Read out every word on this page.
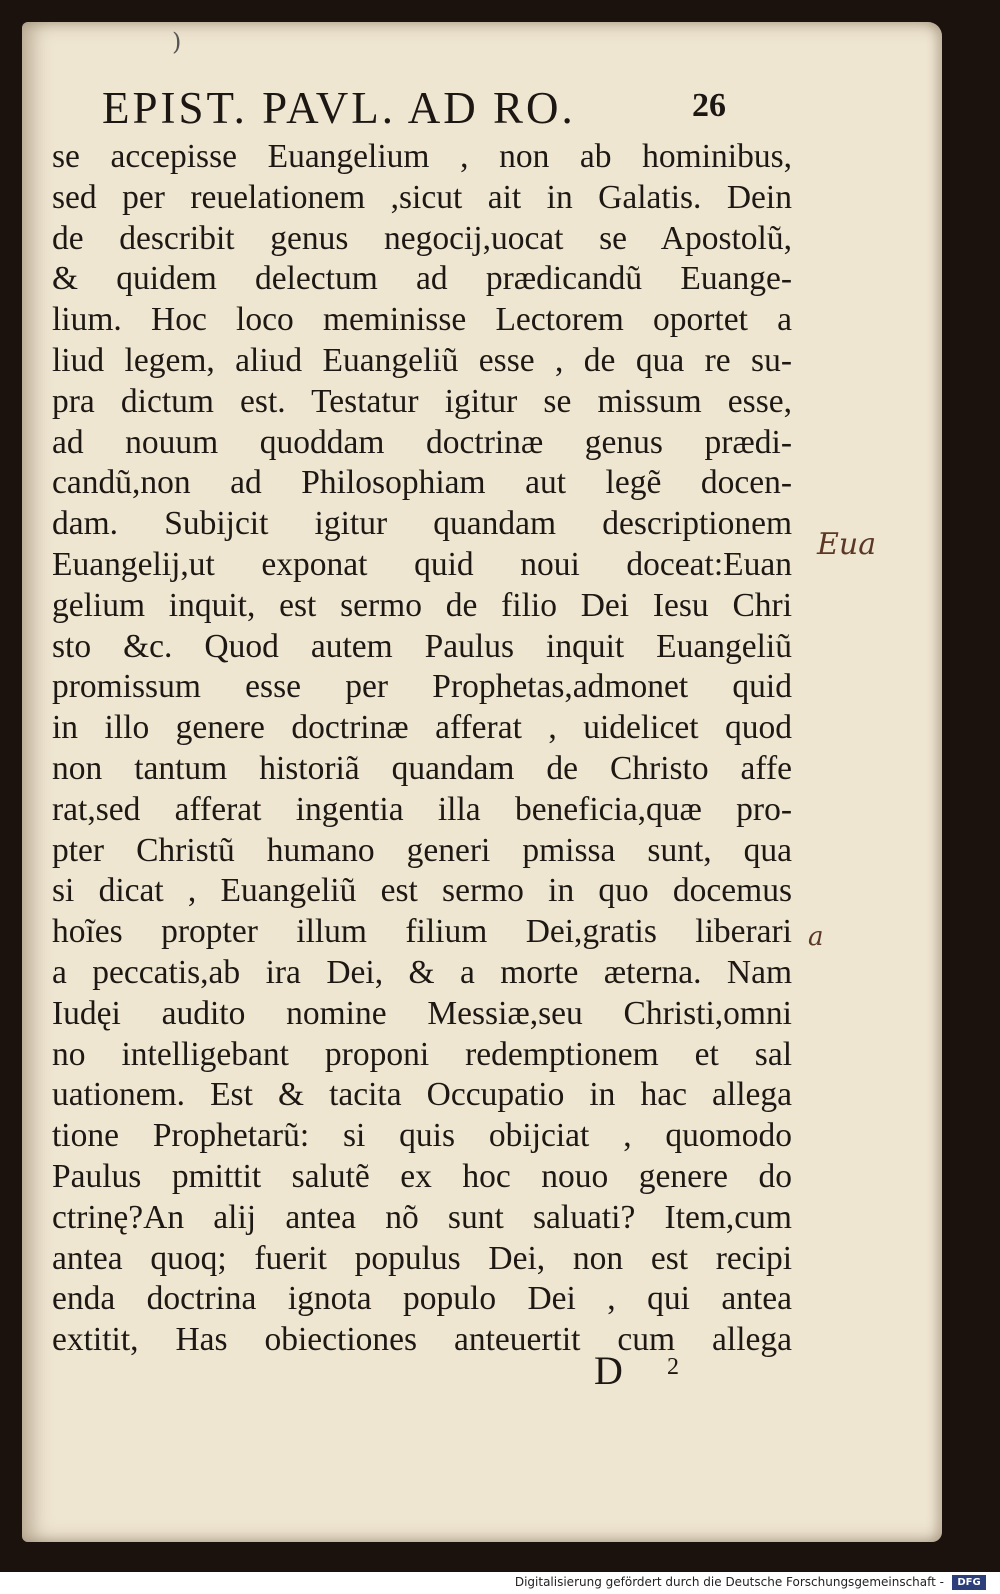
)
EPIST. PAVL. AD RO.	26
se accepisse Euangelium , non ab hominibus,
sed per reuelationem ,sicut ait in Galatis. Dein
de describit genus negocij,uocat se Apostolũ,
& quidem delectum ad prædicandũ Euange-
lium. Hoc loco meminisse Lectorem oportet a
liud legem, aliud Euangeliũ esse , de qua re su-
pra dictum est. Testatur igitur se missum esse,
ad nouum quoddam doctrinæ genus prædi-
candũ,non ad Philosophiam aut legẽ docen-
dam. Subijcit igitur quandam descriptionem
Euangelij,ut exponat quid noui doceat:Euan
gelium inquit, est sermo de filio Dei Iesu Chri
sto &c. Quod autem Paulus inquit Euangeliũ
promissum esse per Prophetas,admonet quid
in illo genere doctrinæ afferat , uidelicet quod
non tantum historiã quandam de Christo affe
rat,sed afferat ingentia illa beneficia,quæ pro-
pter Christũ humano generi pmissa sunt, qua
si dicat , Euangeliũ est sermo in quo docemus
hoĩes propter illum filium Dei,gratis liberari
a peccatis,ab ira Dei, & a morte æterna. Nam
Iudęi audito nomine Messiæ,seu Christi,omni
no intelligebant proponi redemptionem et sal
uationem. Est & tacita Occupatio in hac allega
tione Prophetarũ: si quis obijciat , quomodo
Paulus pmittit salutẽ ex hoc nouo genere do
ctrinę?An alij antea nõ sunt saluati? Item,cum
antea quoq; fuerit populus Dei, non est recipi
enda doctrina ignota populo Dei , qui antea
extitit, Has obiectiones anteuertit cum allega
D 2
Eua
a
Digitalisierung gefördert durch die Deutsche Forschungsgemeinschaft -	DFG
